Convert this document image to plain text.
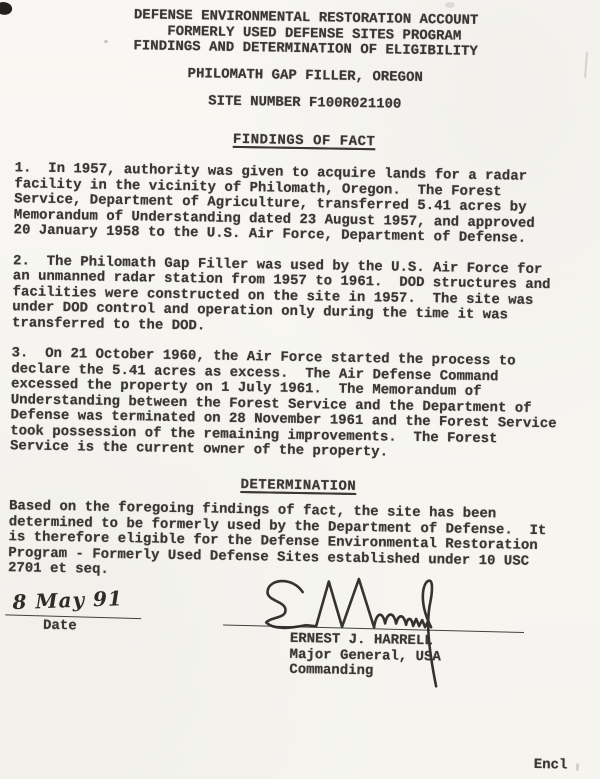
DEFENSE ENVIRONMENTAL RESTORATION ACCOUNT
FORMERLY USED DEFENSE SITES PROGRAM
FINDINGS AND DETERMINATION OF ELIGIBILITY
PHILOMATH GAP FILLER, OREGON
SITE NUMBER F100R021100
FINDINGS OF FACT
1.  In 1957, authority was given to acquire lands for a radar
facility in the vicinity of Philomath, Oregon.  The Forest
Service, Department of Agriculture, transferred 5.41 acres by
Memorandum of Understanding dated 23 August 1957, and approved
20 January 1958 to the U.S. Air Force, Department of Defense.
2.  The Philomath Gap Filler was used by the U.S. Air Force for
an unmanned radar station from 1957 to 1961.  DOD structures and
facilities were constructed on the site in 1957.  The site was
under DOD control and operation only during the time it was
transferred to the DOD.
3.  On 21 October 1960, the Air Force started the process to
declare the 5.41 acres as excess.  The Air Defense Command
excessed the property on 1 July 1961.  The Memorandum of
Understanding between the Forest Service and the Department of
Defense was terminated on 28 November 1961 and the Forest Service
took possession of the remaining improvements.  The Forest
Service is the current owner of the property.
DETERMINATION
Based on the foregoing findings of fact, the site has been
determined to be formerly used by the Department of Defense.  It
is therefore eligible for the Defense Environmental Restoration
Program - Formerly Used Defense Sites established under 10 USC
2701 et seq.
8 May 91
Date
ERNEST J. HARRELL
Major General, USA
Commanding
Encl
